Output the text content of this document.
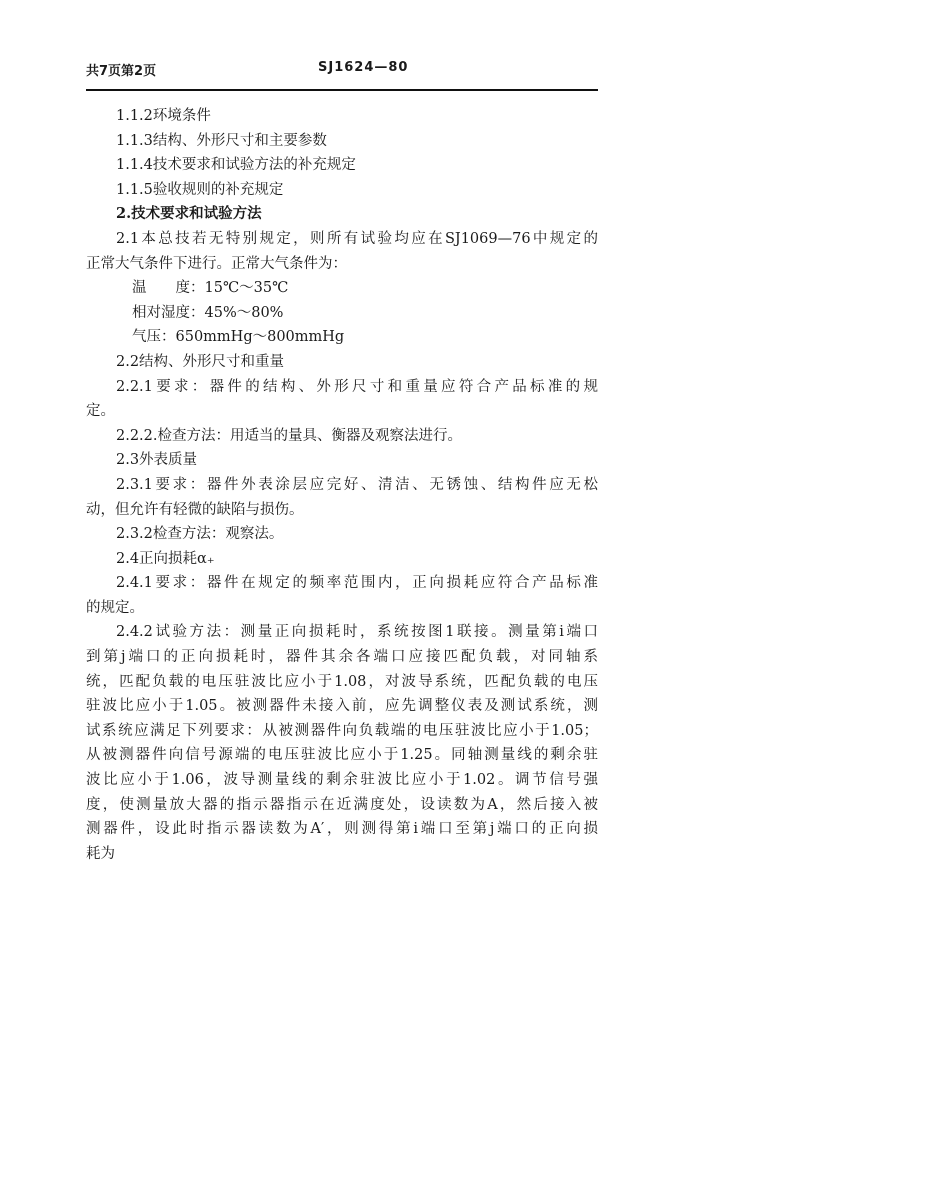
共7页第2页	SJ1624—80
1.1.2环境条件
1.1.3结构、外形尺寸和主要参数
1.1.4技术要求和试验方法的补充规定
1.1.5验收规则的补充规定
2.技术要求和试验方法
2.1本总技若无特别规定，则所有试验均应在SJ1069—76中规定的
正常大气条件下进行。正常大气条件为：
温　　度：15℃～35℃
相对湿度：45%～80%
气压：650mmHg～800mmHg
2.2结构、外形尺寸和重量
2.2.1要求：器件的结构、外形尺寸和重量应符合产品标准的规
定。
2.2.2.检查方法：用适当的量具、衡器及观察法进行。
2.3外表质量
2.3.1要求：器件外表涂层应完好、清洁、无锈蚀、结构件应无松
动，但允许有轻微的缺陷与损伤。
2.3.2检查方法：观察法。
2.4正向损耗α₊
2.4.1要求：器件在规定的频率范围内，正向损耗应符合产品标准
的规定。
2.4.2试验方法：测量正向损耗时，系统按图1联接。测量第i端口
到第j端口的正向损耗时，器件其余各端口应接匹配负载，对同轴系
统，匹配负载的电压驻波比应小于1.08，对波导系统，匹配负载的电压
驻波比应小于1.05。被测器件未接入前，应先调整仪表及测试系统，测
试系统应满足下列要求：从被测器件向负载端的电压驻波比应小于1.05；
从被测器件向信号源端的电压驻波比应小于1.25。同轴测量线的剩余驻
波比应小于1.06，波导测量线的剩余驻波比应小于1.02。调节信号强
度，使测量放大器的指示器指示在近满度处，设读数为A，然后接入被
测器件，设此时指示器读数为A′，则测得第i端口至第j端口的正向损
耗为
